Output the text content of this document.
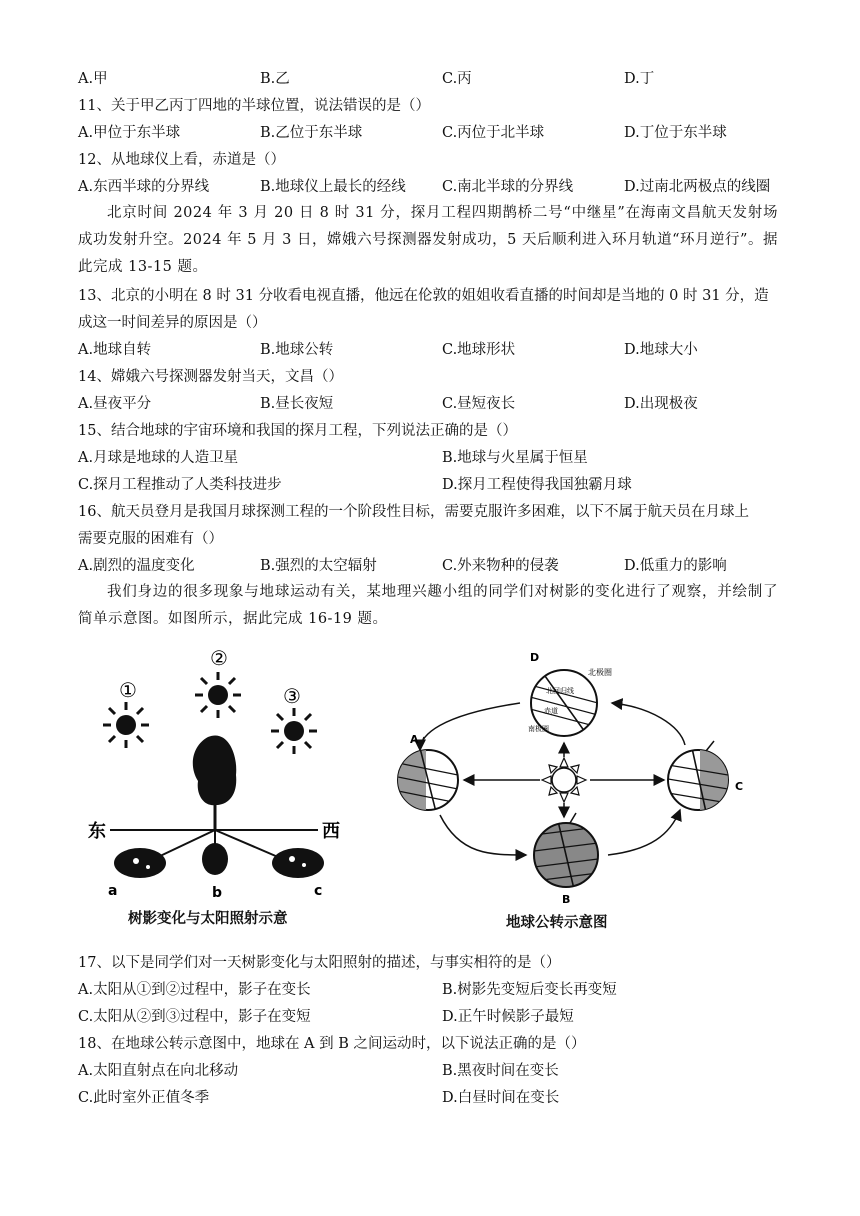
A.甲	B.乙	C.丙	D.丁
11、关于甲乙丙丁四地的半球位置，说法错误的是（）
A.甲位于东半球	B.乙位于东半球	C.丙位于北半球	D.丁位于东半球
12、从地球仪上看，赤道是（）
A.东西半球的分界线	B.地球仪上最长的经线 C.南北半球的分界线	D.过南北两极点的线圈
北京时间 2024 年 3 月 20 日 8 时 31 分，探月工程四期鹊桥二号“中继星”在海南文昌航天发射场成功发射升空。2024 年 5 月 3 日，嫦娥六号探测器发射成功，5 天后顺利进入环月轨道“环月逆行”。据此完成 13-15 题。
13、北京的小明在 8 时 31 分收看电视直播，他远在伦敦的姐姐收看直播的时间却是当地的 0 时 31 分，造
成这一时间差异的原因是（）
A.地球自转	B.地球公转	C.地球形状	D.地球大小
14、嫦娥六号探测器发射当天，文昌（）
A.昼夜平分	B.昼长夜短	C.昼短夜长	D.出现极夜
15、结合地球的宇宙环境和我国的探月工程，下列说法正确的是（）
A.月球是地球的人造卫星	B.地球与火星属于恒星
C.探月工程推动了人类科技进步	D.探月工程使得我国独霸月球
16、航天员登月是我国月球探测工程的一个阶段性目标，需要克服许多困难，以下不属于航天员在月球上
需要克服的困难有（）
A.剧烈的温度变化	B.强烈的太空辐射	C.外来物种的侵袭	D.低重力的影响
我们身边的很多现象与地球运动有关，某地理兴趣小组的同学们对树影的变化进行了观察，并绘制了简单示意图。如图所示，据此完成 16-19 题。
①
②
③
东	西
a	b	c
树影变化与太阳照射示意
D
北极圈
北回归线
赤道
南极圈
A
C
B
地球公转示意图
17、以下是同学们对一天树影变化与太阳照射的描述，与事实相符的是（）
A.太阳从①到②过程中，影子在变长	B.树影先变短后变长再变短
C.太阳从②到③过程中，影子在变短	D.正午时候影子最短
18、在地球公转示意图中，地球在 A 到 B 之间运动时，以下说法正确的是（）
A.太阳直射点在向北移动	B.黑夜时间在变长
C.此时室外正值冬季	D.白昼时间在变长
